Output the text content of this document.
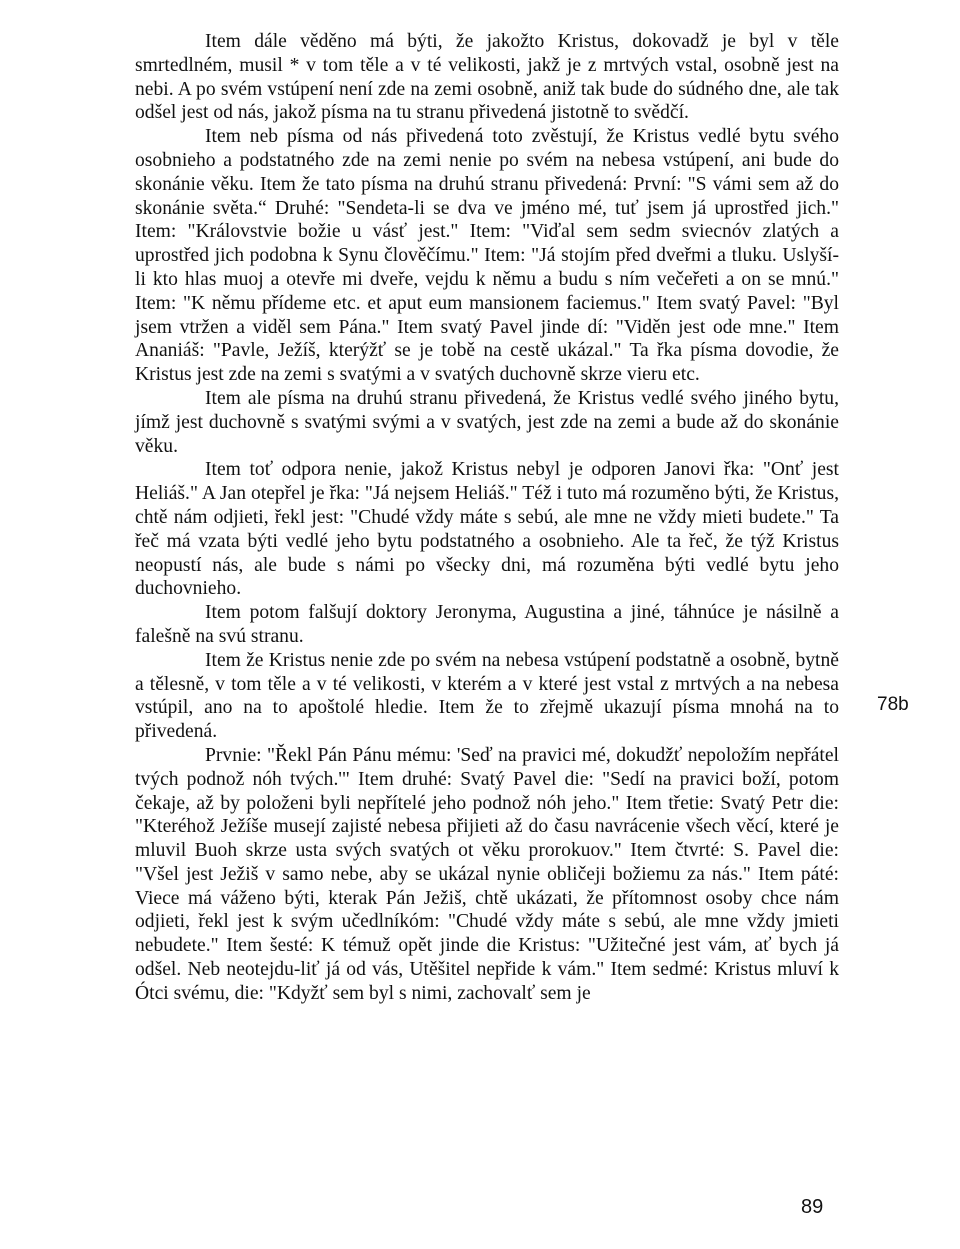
Item dále věděno má býti, že jakožto Kristus, dokovadž je byl v těle smrtedlném, musil * v tom těle a v té velikosti, jakž je z mrtvých vstal, osobně jest na nebi. A po svém vstúpení není zde na zemi osobně, aniž tak bude do súdného dne, ale tak odšel jest od nás, jakož písma na tu stranu přivedená jistotně to svědčí.

Item neb písma od nás přivedená toto zvěstují, že Kristus vedlé bytu svého osobnieho a podstatného zde na zemi nenie po svém na nebesa vstúpení, ani bude do skonánie věku. Item že tato písma na druhú stranu přivedená: První: "S vámi sem až do skonánie světa.“ Druhé: "Sendeta-li se dva ve jméno mé, tuť jsem já uprostřed jich." Item: "Královstvie božie u vásť jest." Item: "Viďal sem sedm sviecnóv zlatých a uprostřed jich podobna k Synu člověčímu." Item: "Já stojím před dveřmi a tluku. Uslyší-li kto hlas muoj a otevře mi dveře, vejdu k němu a budu s ním večeřeti a on se mnú." Item: "K němu přídeme etc. et aput eum mansionem faciemus." Item svatý Pavel: "Byl jsem vtržen a viděl sem Pána." Item svatý Pavel jinde dí: "Viděn jest ode mne." Item Ananiáš: "Pavle, Ježíš, kterýžť se je tobě na cestě ukázal." Ta řka písma dovodie, že Kristus jest zde na zemi s svatými a v svatých duchovně skrze vieru etc.

Item ale písma na druhú stranu přivedená, že Kristus vedlé svého jiného bytu, jímž jest duchovně s svatými svými a v svatých, jest zde na zemi a bude až do skonánie věku.

Item toť odpora nenie, jakož Kristus nebyl je odporen Janovi řka: "Onť jest Heliáš." A Jan otepřel je řka: "Já nejsem Heliáš." Též i tuto má rozuměno býti, že Kristus, chtě nám odjieti, řekl jest: "Chudé vždy máte s sebú, ale mne ne vždy mieti budete." Ta řeč má vzata býti vedlé jeho bytu podstatného a osobnieho. Ale ta řeč, že týž Kristus neopustí nás, ale bude s námi po všecky dni, má rozuměna býti vedlé bytu jeho duchovnieho.

Item potom falšují doktory Jeronyma, Augustina a jiné, táhnúce je násilně a falešně na svú stranu.

Item že Kristus nenie zde po svém na nebesa vstúpení podstatně a osobně, bytně a tělesně, v tom těle a v té velikosti, v kterém a v které jest vstal z mrtvých a na nebesa vstúpil, ano na to apoštolé hledie. Item že to zřejmě ukazují písma mnohá na to přivedená.

Prvnie: "Řekl Pán Pánu mému: 'Seď na pravici mé, dokudžť nepoložím nepřátel tvých podnož nóh tvých.'" Item druhé: Svatý Pavel die: "Sedí na pravici boží, potom čekaje, až by položeni byli nepřítelé jeho podnož nóh jeho." Item třetie: Svatý Petr die: "Kteréhož Ježíše musejí zajisté nebesa přijieti až do času navrácenie všech věcí, které je mluvil Buoh skrze usta svých svatých ot věku prorokuov." Item čtvrté: S. Pavel die: "Všel jest Ježiš v samo nebe, aby se ukázal nynie obličeji božiemu za nás." Item páté: Viece má váženo býti, kterak Pán Ježiš, chtě ukázati, že přítomnost osoby chce nám odjieti, řekl jest k svým učedlníkóm: "Chudé vždy máte s sebú, ale mne vždy jmieti nebudete." Item šesté: K témuž opět jinde die Kristus: "Užitečné jest vám, ať bych já odšel. Neb neotejdu-liť já od vás, Utěšitel nepřide k vám." Item sedmé: Kristus mluví k Ótci svému, die: "Kdyžť sem byl s nimi, zachovalť sem je

78b
89
